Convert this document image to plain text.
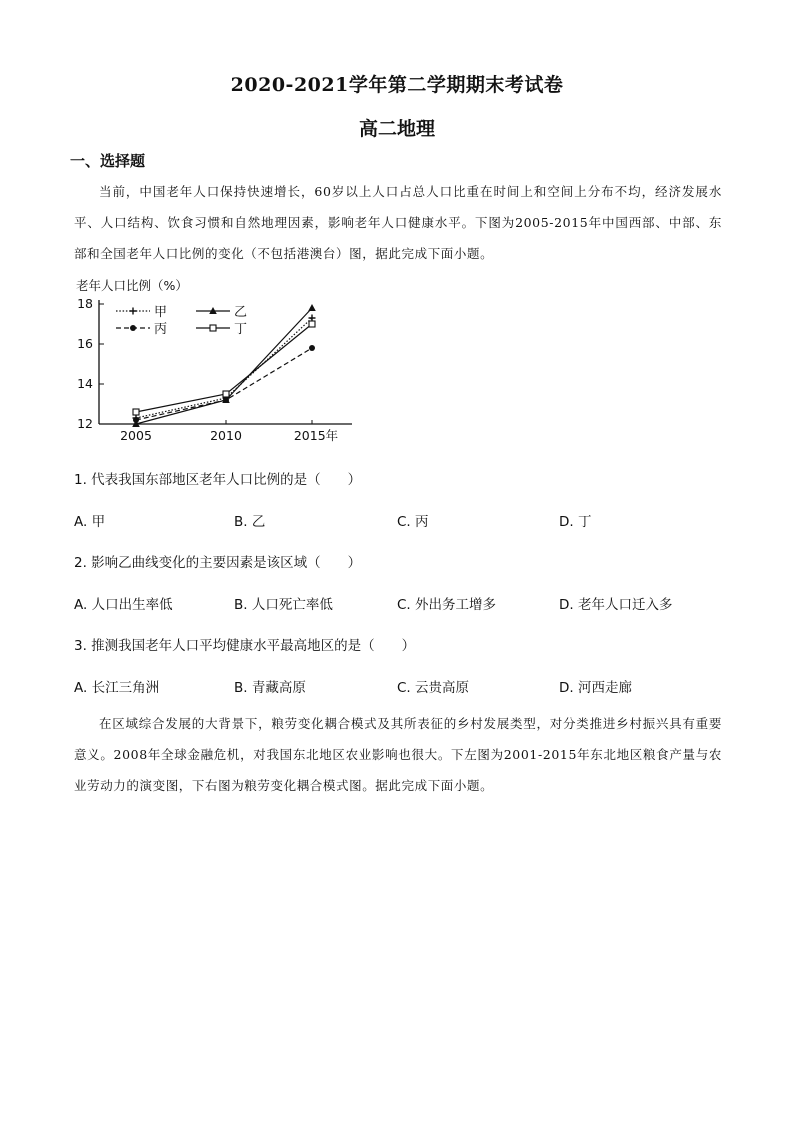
2020-2021学年第二学期期末考试卷
高二地理
一、选择题
当前，中国老年人口保持快速增长，60岁以上人口占总人口比重在时间上和空间上分布不均，经济发展水平、人口结构、饮食习惯和自然地理因素，影响老年人口健康水平。下图为2005-2015年中国西部、中部、东部和全国老年人口比例的变化（不包括港澳台）图，据此完成下面小题。
老年人口比例（%）
12
14
16
18
2005	2010	2015年
甲	乙
丙	丁
1. 代表我国东部地区老年人口比例的是（　　）
A. 甲	B. 乙	C. 丙	D. 丁
2. 影响乙曲线变化的主要因素是该区域（　　）
A. 人口出生率低	B. 人口死亡率低	C. 外出务工增多	D. 老年人口迁入多
3. 推测我国老年人口平均健康水平最高地区的是（　　）
A. 长江三角洲	B. 青藏高原	C. 云贵高原	D. 河西走廊
在区域综合发展的大背景下，粮劳变化耦合模式及其所表征的乡村发展类型，对分类推进乡村振兴具有重要意义。2008年全球金融危机，对我国东北地区农业影响也很大。下左图为2001-2015年东北地区粮食产量与农业劳动力的演变图，下右图为粮劳变化耦合模式图。据此完成下面小题。
